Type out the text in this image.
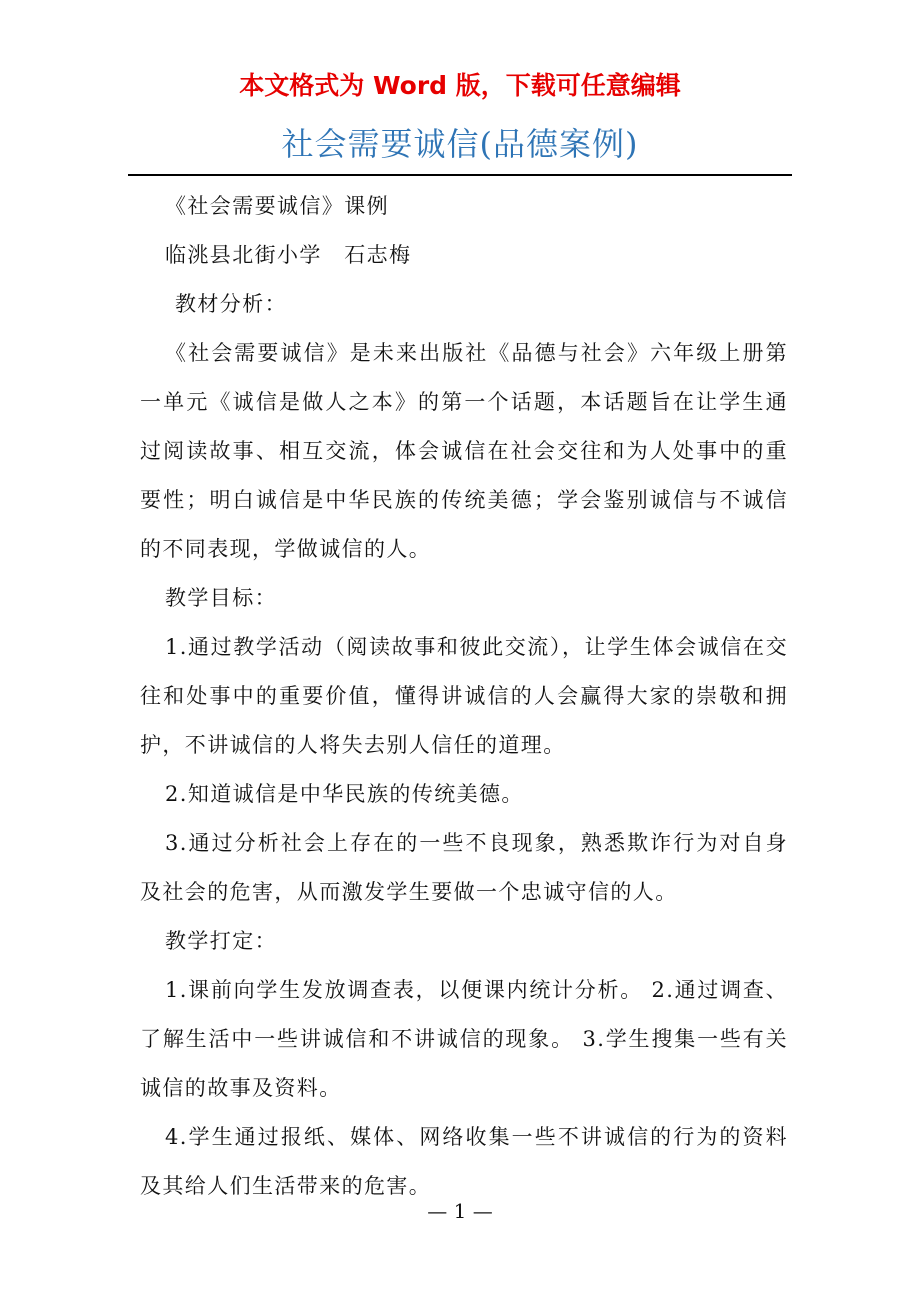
本文格式为 Word 版，下载可任意编辑
社会需要诚信(品德案例)

《社会需要诚信》课例

临洮县北街小学　石志梅

教材分析：

《社会需要诚信》是未来出版社《品德与社会》六年级上册第一单元《诚信是做人之本》的第一个话题，本话题旨在让学生通过阅读故事、相互交流，体会诚信在社会交往和为人处事中的重要性；明白诚信是中华民族的传统美德；学会鉴别诚信与不诚信的不同表现，学做诚信的人。

教学目标：

1.通过教学活动（阅读故事和彼此交流），让学生体会诚信在交往和处事中的重要价值，懂得讲诚信的人会赢得大家的崇敬和拥护，不讲诚信的人将失去别人信任的道理。

2.知道诚信是中华民族的传统美德。

3.通过分析社会上存在的一些不良现象，熟悉欺诈行为对自身及社会的危害，从而激发学生要做一个忠诚守信的人。

教学打定：

1.课前向学生发放调查表，以便课内统计分析。 2.通过调查、了解生活中一些讲诚信和不讲诚信的现象。 3.学生搜集一些有关诚信的故事及资料。

4.学生通过报纸、媒体、网络收集一些不讲诚信的行为的资料及其给人们生活带来的危害。

— 1 —
